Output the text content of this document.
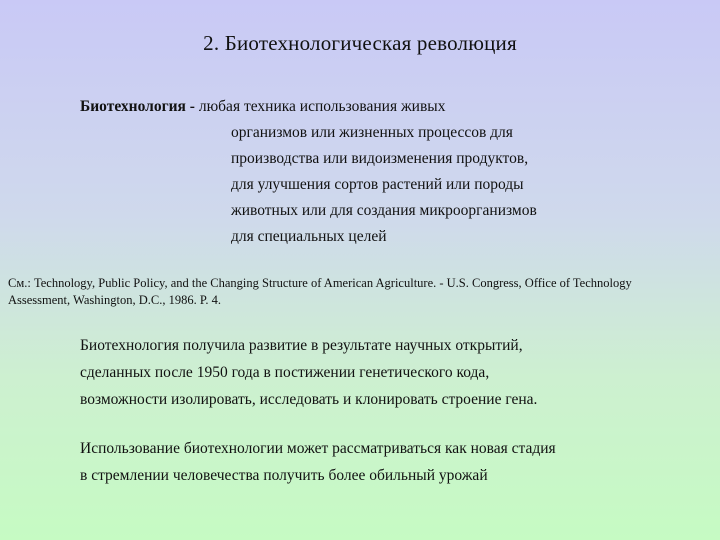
2. Биотехнологическая революция
Биотехнология - любая техника использования живых
организмов или жизненных процессов для
производства или видоизменения продуктов,
для улучшения сортов растений или породы
животных или для создания микроорганизмов
для специальных целей
См.: Technology, Public Policy, and the Changing Structure of American Agriculture. - U.S. Congress, Office of Technology
Assessment, Washington, D.C., 1986. P. 4.
Биотехнология получила развитие в результате научных открытий,
сделанных после 1950 года в постижении генетического кода,
возможности изолировать, исследовать и клонировать строение гена.
Использование биотехнологии может рассматриваться как новая стадия
в стремлении человечества получить более обильный урожай
